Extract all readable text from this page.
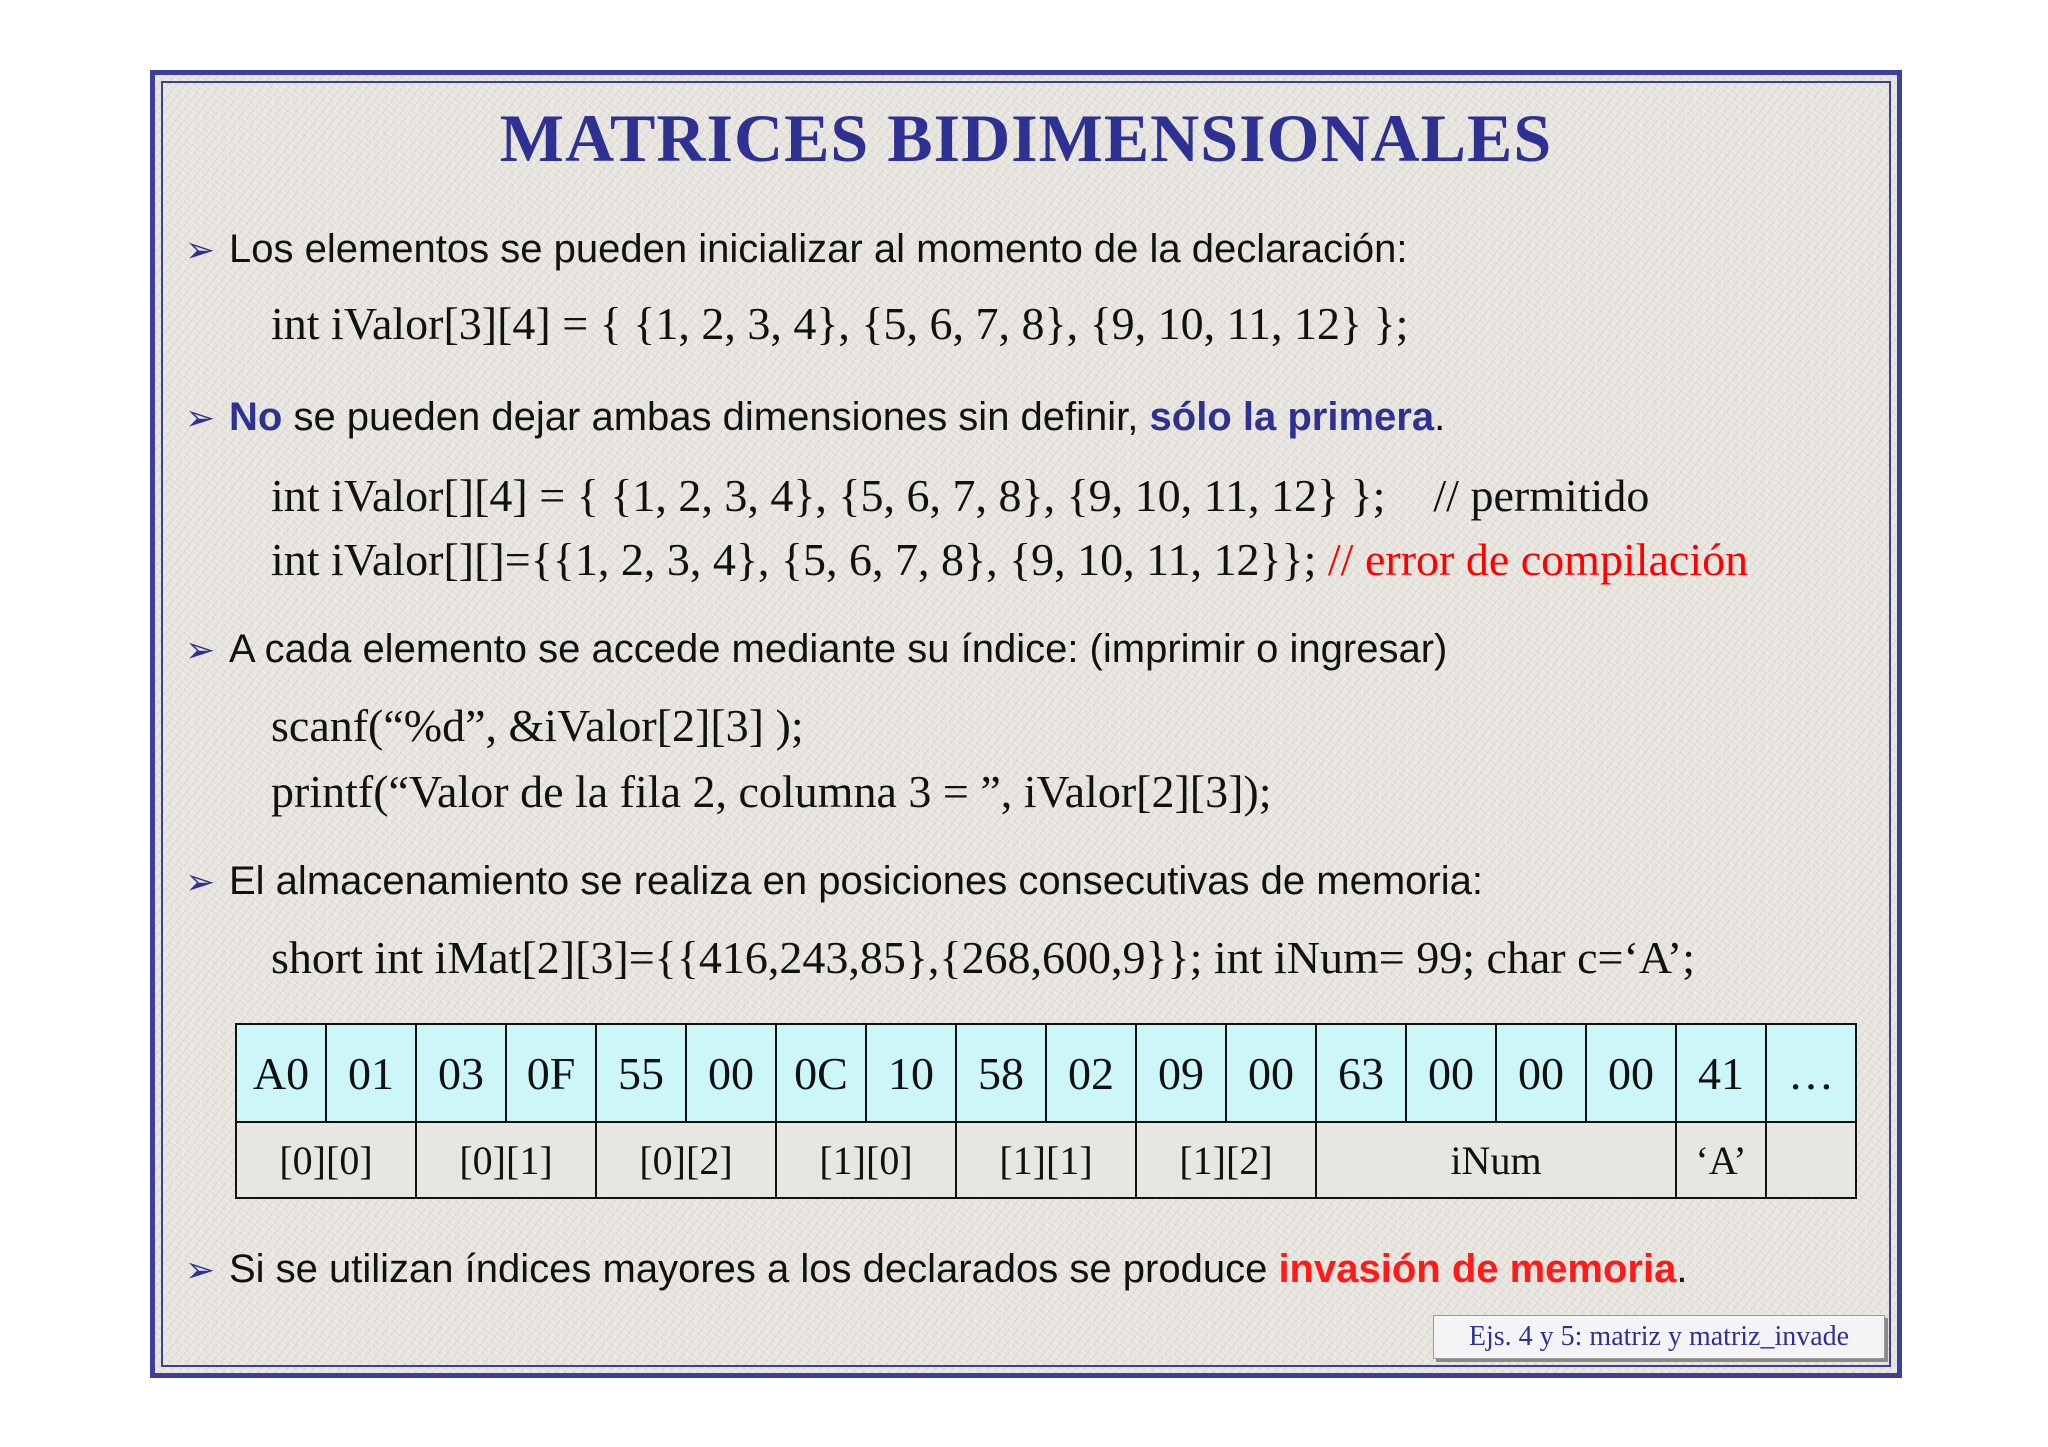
MATRICES BIDIMENSIONALES
➢ Los elementos se pueden inicializar al momento de la declaración:
int iValor[3][4] = { {1, 2, 3, 4}, {5, 6, 7, 8}, {9, 10, 11, 12} };
➢ No se pueden dejar ambas dimensiones sin definir, sólo la primera.
int iValor[][4] = { {1, 2, 3, 4}, {5, 6, 7, 8}, {9, 10, 11, 12} }; // permitido
int iValor[][]={{1, 2, 3, 4}, {5, 6, 7, 8}, {9, 10, 11, 12}}; // error de compilación
➢ A cada elemento se accede mediante su índice: (imprimir o ingresar)
scanf(“%d”, &iValor[2][3] );
printf(“Valor de la fila 2, columna 3 = ”, iValor[2][3]);
➢ El almacenamiento se realiza en posiciones consecutivas de memoria:
short int iMat[2][3]={{416,243,85},{268,600,9}}; int iNum= 99; char c=‘A’;
A0	01	03	0F	55	00	0C	10	58	02	09	00	63	00	00	00	41	…
[0][0]		[0][1]		[0][2]		[1][0]		[1][1]		[1][2]		iNum				‘A’	
➢ Si se utilizan índices mayores a los declarados se produce invasión de memoria.
Ejs. 4 y 5: matriz y matriz_invade
